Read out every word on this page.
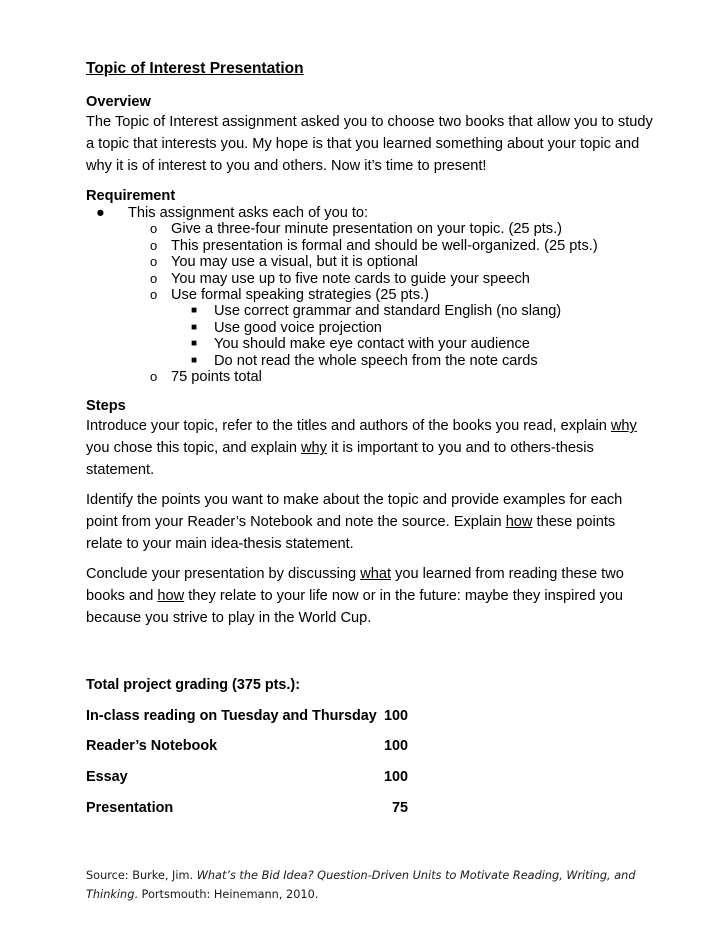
Topic of Interest Presentation
Overview
The Topic of Interest assignment asked you to choose two books that allow you to study
a topic that interests you. My hope is that you learned something about your topic and
why it is of interest to you and others. Now it’s time to present!
Requirement
● This assignment asks each of you to:
o Give a three-four minute presentation on your topic. (25 pts.)
o This presentation is formal and should be well-organized. (25 pts.)
o You may use a visual, but it is optional
o You may use up to five note cards to guide your speech
o Use formal speaking strategies (25 pts.)
■ Use correct grammar and standard English (no slang)
■ Use good voice projection
■ You should make eye contact with your audience
■ Do not read the whole speech from the note cards
o 75 points total
Steps
Introduce your topic, refer to the titles and authors of the books you read, explain why
you chose this topic, and explain why it is important to you and to others-thesis
statement.
Identify the points you want to make about the topic and provide examples for each
point from your Reader’s Notebook and note the source. Explain how these points
relate to your main idea-thesis statement.
Conclude your presentation by discussing what you learned from reading these two
books and how they relate to your life now or in the future: maybe they inspired you
because you strive to play in the World Cup.
Total project grading (375 pts.):
In-class reading on Tuesday and Thursday 100
Reader’s Notebook	100
Essay	100
Presentation	75
Source: Burke, Jim. What’s the Bid Idea? Question-Driven Units to Motivate Reading, Writing, and
Thinking. Portsmouth: Heinemann, 2010.
